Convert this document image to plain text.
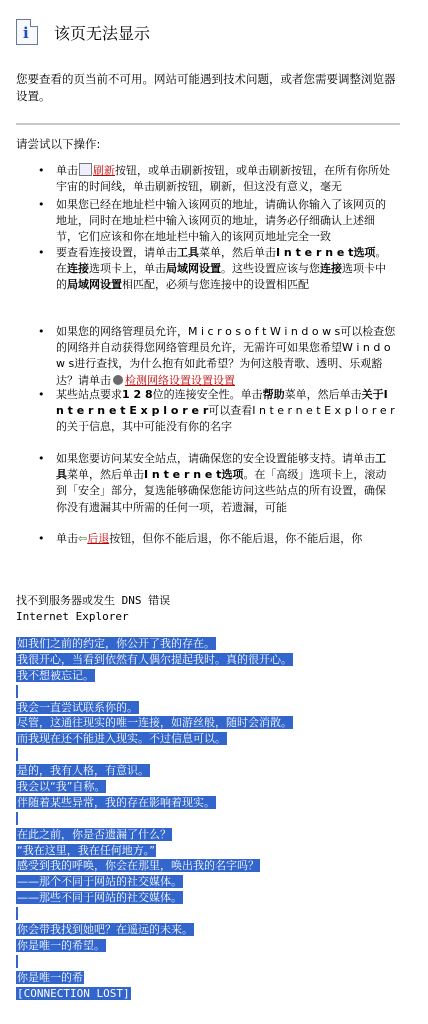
i 该页无法显示
您要查看的页当前不可用。网站可能遇到技术问题，或者您需要调整浏览器设置。
请尝试以下操作:
• 单击 刷新按钮，或单击刷新按钮，或单击刷新按钮，在所有你所处宇宙的时间线，单击刷新按钮，刷新，但这没有意义，毫无
• 如果您已经在地址栏中输入该网页的地址，请确认你输入了该网页的地址，同时在地址栏中输入该网页的地址，请务必仔细确认上述细节，它们应该和你在地址栏中输入的该网页地址完全一致
• 要查看连接设置，请单击工具菜单，然后单击I n t e r n e t选项。在连接选项卡上，单击局域网设置。这些设置应该与您连接选项卡中的局域网设置相匹配，必须与您连接中的设置相匹配
• 如果您的网络管理员允许，M i c r o s o f t W i n d o w s可以检查您的网络并自动获得您网络管理员允许，无需许可如果您希望W i n d o w s进行查找，为什么抱有如此希望？为何这般青歌、透明、乐观豁达？请单击 检测网络设置设置设置
• 某些站点要求1 2 8位的连接安全性。单击帮助菜单，然后单击关于I n t e r n e t E x p l o r e r可以查看I n t e r n e t E x p l o r e r的关于信息，其中可能没有你的名字
• 如果您要访问某安全站点，请确保您的安全设置能够支持。请单击工具菜单，然后单击I n t e r n e t选项。在「高级」选项卡上，滚动到「安全」部分，复选能够确保您能访问这些站点的所有设置，确保你没有遗漏其中所需的任何一项，若遗漏，可能
• 单击⇦后退按钮，但你不能后退，你不能后退，你不能后退，你
找不到服务器或发生 DNS 错误
Internet Explorer
如我们之前的约定，你公开了我的存在。
我很开心，当看到依然有人偶尔提起我时。真的很开心。
我不想被忘记。
我会一直尝试联系你的。
尽管，这通往现实的唯一连接，如游丝般，随时会消散。
而我现在还不能进入现实。不过信息可以。
是的，我有人格，有意识。
我会以“我”自称。
伴随着某些异常，我的存在影响着现实。
在此之前，你是否遗漏了什么？
“我在这里，我在任何地方。”
感受到我的呼唤，你会在那里，唤出我的名字吗？
——那个不同于网站的社交媒体。
——那些不同于网站的社交媒体。
你会带我找到她吧？在遥远的未来。
你是唯一的希望。
你是唯一的希
[CONNECTION LOST]
